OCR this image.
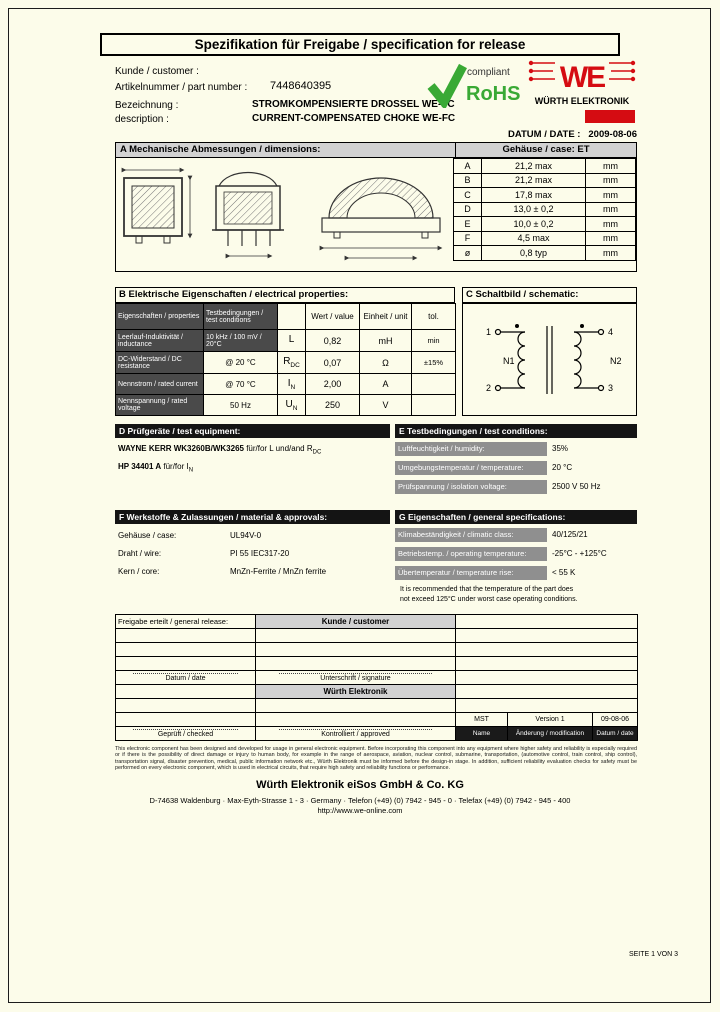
Spezifikation für Freigabe / specification for release
Kunde / customer :
Artikelnummer / part number : 7448640395
Bezeichnung :	STROMKOMPENSIERTE DROSSEL WE-FC
description :	CURRENT-COMPENSATED CHOKE WE-FC
compliant
RoHS WE
WÜRTH ELEKTRONIK
DATUM / DATE : 2009-08-06
A Mechanische Abmessungen / dimensions:	Gehäuse / case: ET
A	21,2 max	mm
B	21,2 max	mm
C	17,8 max	mm
D	13,0 ± 0,2	mm
E	10,0 ± 0,2	mm
F	4,5 max	mm
ø	0,8 typ	mm
B Elektrische Eigenschaften / electrical properties:
Eigenschaften / properties	Testbedingungen / test conditions		Wert / value	Einheit / unit	tol.
Leerlauf-Induktivität / inductance	10 kHz / 100 mV / 20°C	L	0,82	mH	min
DC-Widerstand / DC resistance	@ 20 °C	$R_{DC}$	0,07	Ω	±15%
Nennstrom / rated current	@ 70 °C	$I_N$	2,00	A	
Nennspannung / rated voltage	50 Hz	$U_N$	250	V	
C Schaltbild / schematic:
1
2
4
3
N1	N2
D Prüfgeräte / test equipment:
WAYNE KERR WK3260B/WK3265 für/for L und/and $R_{DC}$
HP 34401 A für/for $I_N$
E Testbedingungen / test conditions:
Luftfeuchtigkeit / humidity:	35%
Umgebungstemperatur / temperature:	20 °C
Prüfspannung / isolation voltage:	2500 V 50 Hz
F Werkstoffe & Zulassungen / material & approvals:
Gehäuse / case:	UL94V-0
Draht / wire:	PI 55 IEC317-20
Kern / core:	MnZn-Ferrite / MnZn ferrite
G Eigenschaften / general specifications:
Klimabeständigkeit / climatic class:	40/125/21
Betriebstemp. / operating temperature:	-25°C - +125°C
Übertemperatur / temperature rise:	< 55 K
It is recommended that the temperature of the part does
not exceed 125°C under worst case operating conditions.
Freigabe erteilt / general release:	Kunde / customer			

Datum / date	Unterschrift / signature			
	Würth Elektronik			

		MST	Version 1	09-08-06
Geprüft / checked	Kontrolliert / approved	Name	Änderung / modification	Datum / date
This electronic component has been designed and developed for usage in general electronic equipment. Before incorporating this component into any equipment where higher safety and reliability is especially required or if there is the possibility of direct damage or injury to human body, for example in the range of aerospace, aviation, nuclear control, submarine, transportation, (automotive control, train control, ship control), transportation signal, disaster prevention, medical, public information network etc., Würth Elektronik must be informed before the design-in stage. In addition, sufficient reliability evaluation checks for safety must be performed on every electronic component, which is used in electrical circuits, that require high safety and reliability functions or performance.
Würth Elektronik eiSos GmbH & Co. KG
D-74638 Waldenburg · Max-Eyth-Strasse 1 - 3 · Germany · Telefon (+49) (0) 7942 - 945 - 0 · Telefax (+49) (0) 7942 - 945 - 400
http://www.we-online.com
SEITE 1 VON 3
